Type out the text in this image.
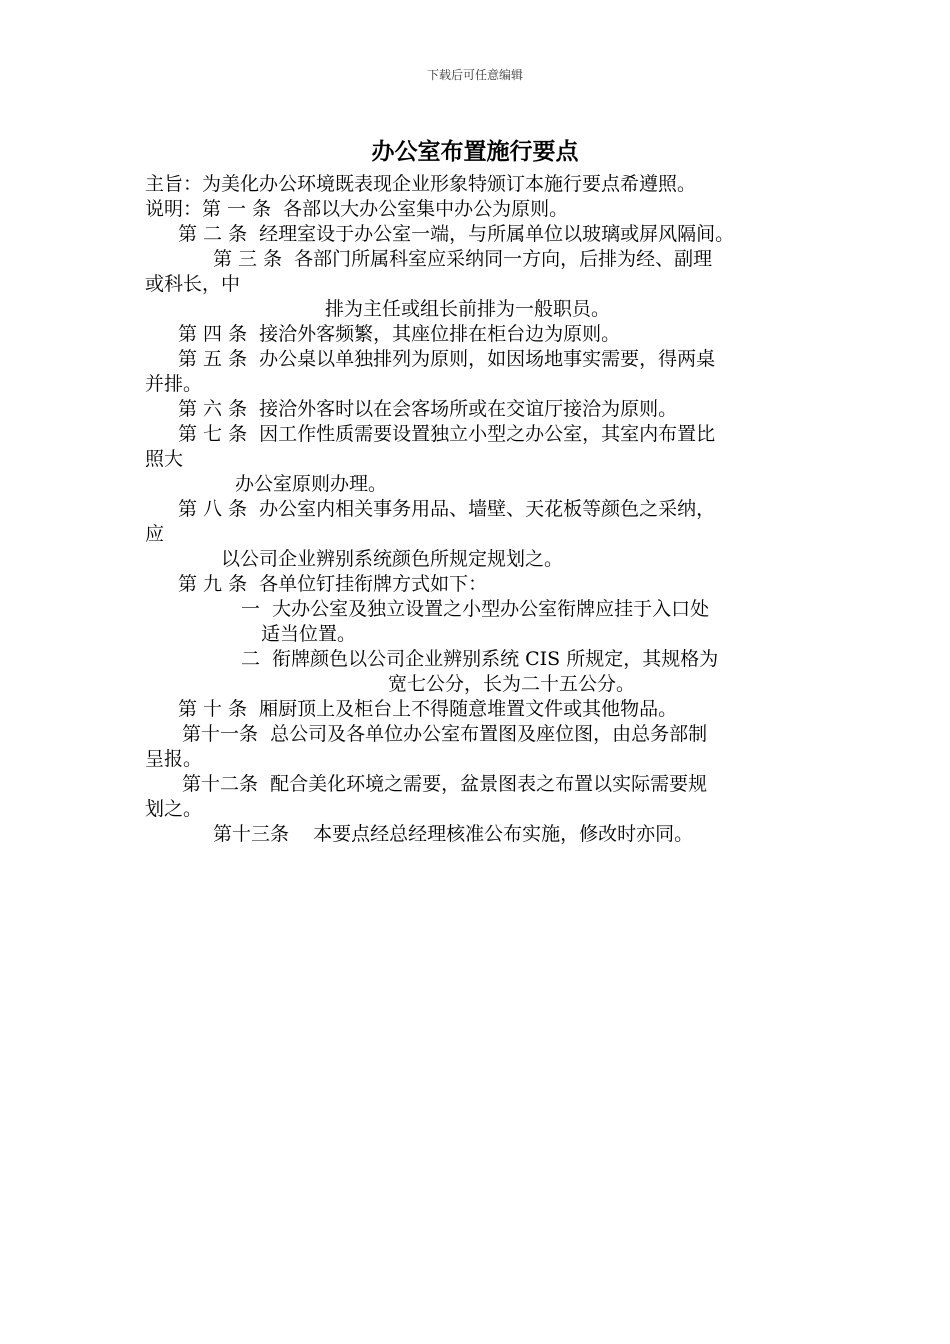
下载后可任意编辑
办公室布置施行要点
主旨：为美化办公环境既表现企业形象特颁订本施行要点希遵照。
说明：第 一 条  各部以大办公室集中办公为原则。
第 二 条  经理室设于办公室一端，与所属单位以玻璃或屏风隔间。
第 三 条  各部门所属科室应采纳同一方向，后排为经、副理
或科长，中
排为主任或组长前排为一般职员。
第 四 条  接洽外客频繁，其座位排在柜台边为原则。
第 五 条  办公桌以单独排列为原则，如因场地事实需要，得两桌
并排。
第 六 条  接洽外客时以在会客场所或在交谊厅接洽为原则。
第 七 条  因工作性质需要设置独立小型之办公室，其室内布置比
照大
办公室原则办理。
第 八 条  办公室内相关事务用品、墙壁、天花板等颜色之采纳，
应
以公司企业辨别系统颜色所规定规划之。
第 九 条  各单位钉挂衔牌方式如下：
一  大办公室及独立设置之小型办公室衔牌应挂于入口处
适当位置。
二  衔牌颜色以公司企业辨别系统 CIS 所规定，其规格为
宽七公分，长为二十五公分。
第 十 条  厢厨顶上及柜台上不得随意堆置文件或其他物品。
第十一条  总公司及各单位办公室布置图及座位图，由总务部制
呈报。
第十二条  配合美化环境之需要，盆景图表之布置以实际需要规
划之。
第十三条    本要点经总经理核准公布实施，修改时亦同。
